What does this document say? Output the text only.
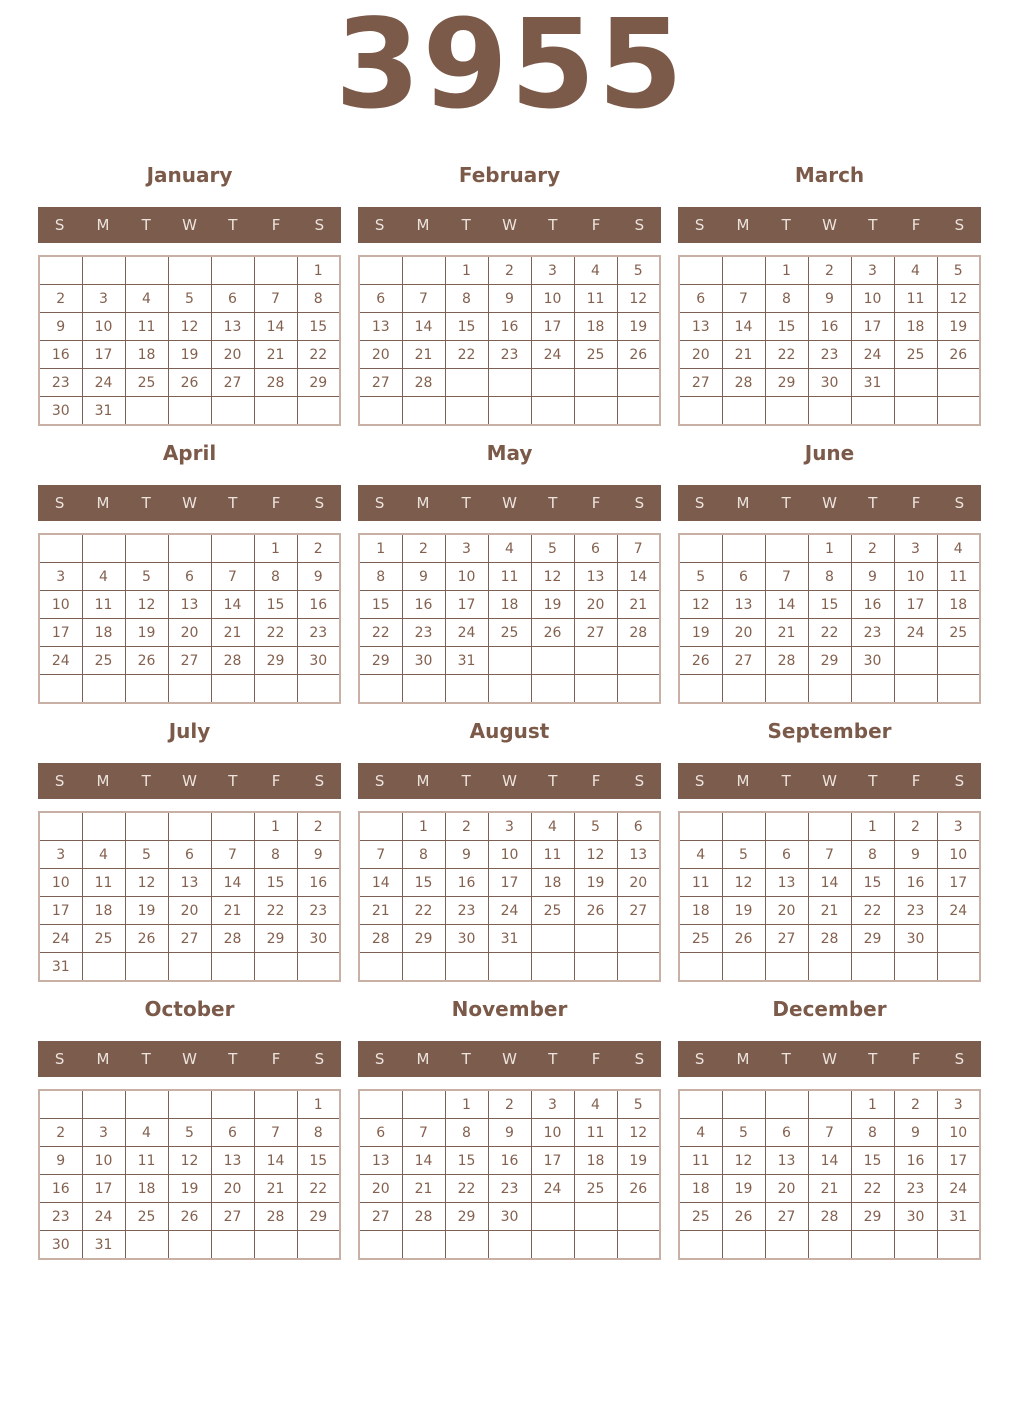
3955
January
S	M	T	W	T	F	S
						1
2	3	4	5	6	7	8
9	10	11	12	13	14	15
16	17	18	19	20	21	22
23	24	25	26	27	28	29
30	31					
February
S	M	T	W	T	F	S
		1	2	3	4	5
6	7	8	9	10	11	12
13	14	15	16	17	18	19
20	21	22	23	24	25	26
27	28					

March
S	M	T	W	T	F	S
		1	2	3	4	5
6	7	8	9	10	11	12
13	14	15	16	17	18	19
20	21	22	23	24	25	26
27	28	29	30	31		

April
S	M	T	W	T	F	S
					1	2
3	4	5	6	7	8	9
10	11	12	13	14	15	16
17	18	19	20	21	22	23
24	25	26	27	28	29	30

May
S	M	T	W	T	F	S
1	2	3	4	5	6	7
8	9	10	11	12	13	14
15	16	17	18	19	20	21
22	23	24	25	26	27	28
29	30	31				

June
S	M	T	W	T	F	S
			1	2	3	4
5	6	7	8	9	10	11
12	13	14	15	16	17	18
19	20	21	22	23	24	25
26	27	28	29	30		

July
S	M	T	W	T	F	S
					1	2
3	4	5	6	7	8	9
10	11	12	13	14	15	16
17	18	19	20	21	22	23
24	25	26	27	28	29	30
31						
August
S	M	T	W	T	F	S
	1	2	3	4	5	6
7	8	9	10	11	12	13
14	15	16	17	18	19	20
21	22	23	24	25	26	27
28	29	30	31			

September
S	M	T	W	T	F	S
				1	2	3
4	5	6	7	8	9	10
11	12	13	14	15	16	17
18	19	20	21	22	23	24
25	26	27	28	29	30	

October
S	M	T	W	T	F	S
						1
2	3	4	5	6	7	8
9	10	11	12	13	14	15
16	17	18	19	20	21	22
23	24	25	26	27	28	29
30	31					
November
S	M	T	W	T	F	S
		1	2	3	4	5
6	7	8	9	10	11	12
13	14	15	16	17	18	19
20	21	22	23	24	25	26
27	28	29	30			

December
S	M	T	W	T	F	S
				1	2	3
4	5	6	7	8	9	10
11	12	13	14	15	16	17
18	19	20	21	22	23	24
25	26	27	28	29	30	31
